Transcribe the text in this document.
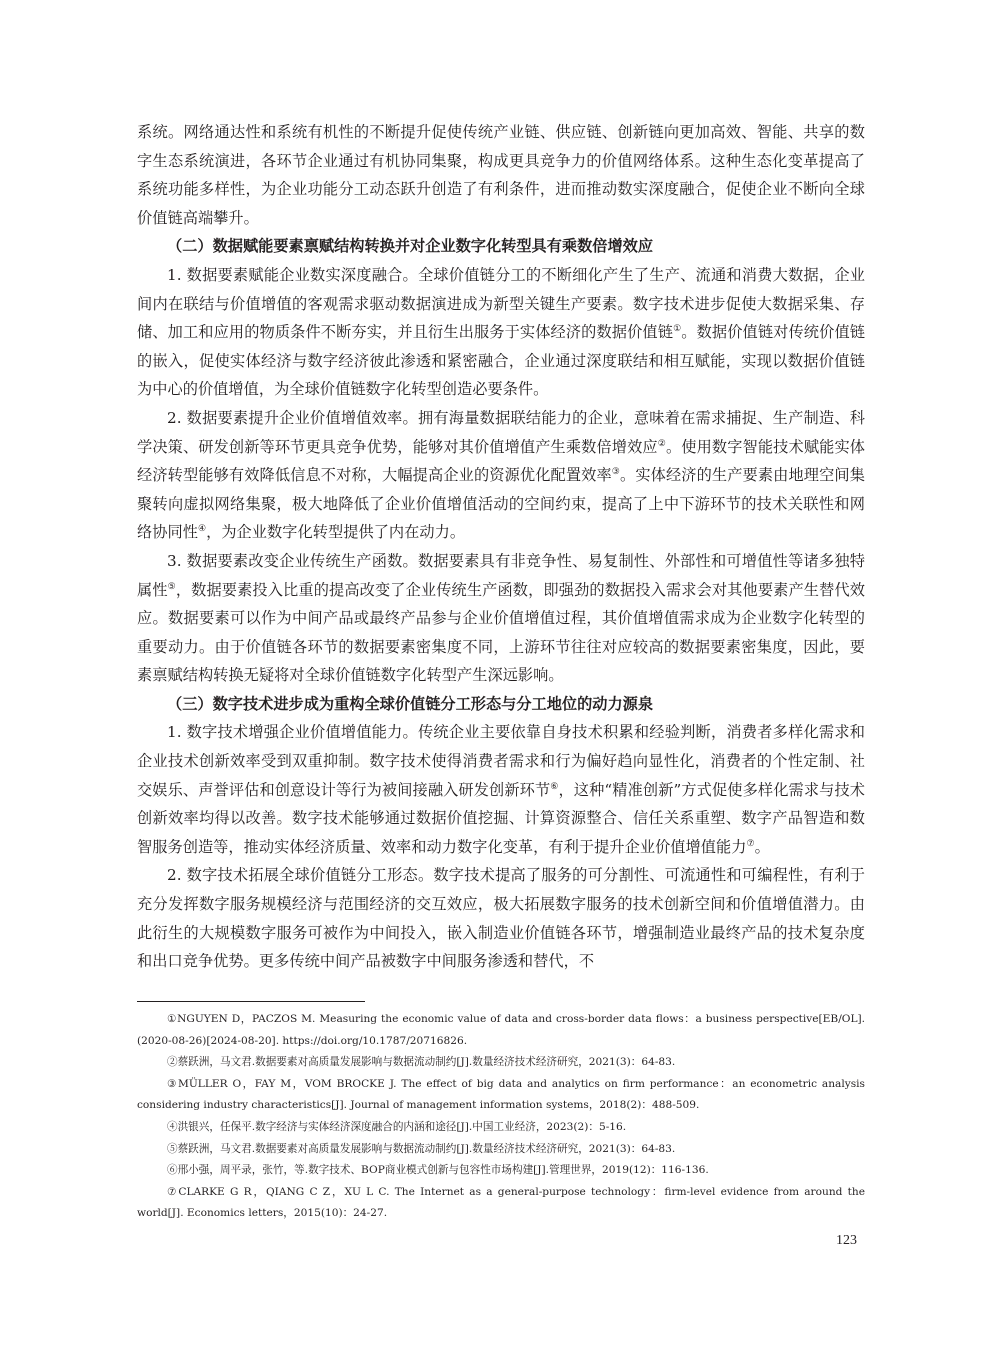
系统。网络通达性和系统有机性的不断提升促使传统产业链、供应链、创新链向更加高效、智能、共享的数字生态系统演进，各环节企业通过有机协同集聚，构成更具竞争力的价值网络体系。这种生态化变革提高了系统功能多样性，为企业功能分工动态跃升创造了有利条件，进而推动数实深度融合，促使企业不断向全球价值链高端攀升。

（二）数据赋能要素禀赋结构转换并对企业数字化转型具有乘数倍增效应

1. 数据要素赋能企业数实深度融合。全球价值链分工的不断细化产生了生产、流通和消费大数据，企业间内在联结与价值增值的客观需求驱动数据演进成为新型关键生产要素。数字技术进步促使大数据采集、存储、加工和应用的物质条件不断夯实，并且衍生出服务于实体经济的数据价值链①。数据价值链对传统价值链的嵌入，促使实体经济与数字经济彼此渗透和紧密融合，企业通过深度联结和相互赋能，实现以数据价值链为中心的价值增值，为全球价值链数字化转型创造必要条件。

2. 数据要素提升企业价值增值效率。拥有海量数据联结能力的企业，意味着在需求捕捉、生产制造、科学决策、研发创新等环节更具竞争优势，能够对其价值增值产生乘数倍增效应②。使用数字智能技术赋能实体经济转型能够有效降低信息不对称，大幅提高企业的资源优化配置效率③。实体经济的生产要素由地理空间集聚转向虚拟网络集聚，极大地降低了企业价值增值活动的空间约束，提高了上中下游环节的技术关联性和网络协同性④，为企业数字化转型提供了内在动力。

3. 数据要素改变企业传统生产函数。数据要素具有非竞争性、易复制性、外部性和可增值性等诸多独特属性⑤，数据要素投入比重的提高改变了企业传统生产函数，即强劲的数据投入需求会对其他要素产生替代效应。数据要素可以作为中间产品或最终产品参与企业价值增值过程，其价值增值需求成为企业数字化转型的重要动力。由于价值链各环节的数据要素密集度不同，上游环节往往对应较高的数据要素密集度，因此，要素禀赋结构转换无疑将对全球价值链数字化转型产生深远影响。

（三）数字技术进步成为重构全球价值链分工形态与分工地位的动力源泉

1. 数字技术增强企业价值增值能力。传统企业主要依靠自身技术积累和经验判断，消费者多样化需求和企业技术创新效率受到双重抑制。数字技术使得消费者需求和行为偏好趋向显性化，消费者的个性定制、社交娱乐、声誉评估和创意设计等行为被间接融入研发创新环节⑥，这种“精准创新”方式促使多样化需求与技术创新效率均得以改善。数字技术能够通过数据价值挖掘、计算资源整合、信任关系重塑、数字产品智造和数智服务创造等，推动实体经济质量、效率和动力数字化变革，有利于提升企业价值增值能力⑦。

2. 数字技术拓展全球价值链分工形态。数字技术提高了服务的可分割性、可流通性和可编程性，有利于充分发挥数字服务规模经济与范围经济的交互效应，极大拓展数字服务的技术创新空间和价值增值潜力。由此衍生的大规模数字服务可被作为中间投入，嵌入制造业价值链各环节，增强制造业最终产品的技术复杂度和出口竞争优势。更多传统中间产品被数字中间服务渗透和替代，不

①NGUYEN D，PACZOS M. Measuring the economic value of data and cross-border data flows：a business perspective[EB/OL].(2020-08-26)[2024-08-20]. https://doi.org/10.1787/20716826.

②蔡跃洲，马文君.数据要素对高质量发展影响与数据流动制约[J].数量经济技术经济研究，2021(3)：64-83.

③MÜLLER O，FAY M，VOM BROCKE J. The effect of big data and analytics on firm performance：an econometric analysis considering industry characteristics[J]. Journal of management information systems，2018(2)：488-509.

④洪银兴，任保平.数字经济与实体经济深度融合的内涵和途径[J].中国工业经济，2023(2)：5-16.

⑤蔡跃洲，马文君.数据要素对高质量发展影响与数据流动制约[J].数量经济技术经济研究，2021(3)：64-83.

⑥邢小强，周平录，张竹，等.数字技术、BOP商业模式创新与包容性市场构建[J].管理世界，2019(12)：116-136.

⑦CLARKE G R，QIANG C Z，XU L C. The Internet as a general-purpose technology：firm-level evidence from around the world[J]. Economics letters，2015(10)：24-27.

123
